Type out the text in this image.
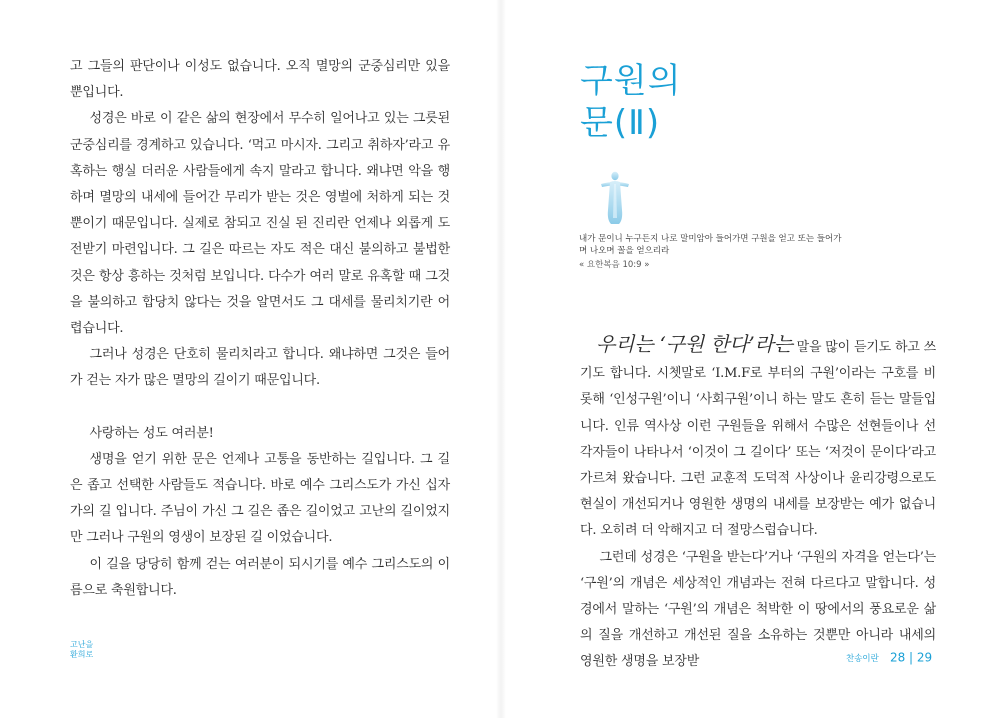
고 그들의 판단이나 이성도 없습니다. 오직 멸망의 군중심리만 있을 뿐입니다.

성경은 바로 이 같은 삶의 현장에서 무수히 일어나고 있는 그릇된 군중심리를 경계하고 있습니다. ‘먹고 마시자. 그리고 취하자’라고 유혹하는 행실 더러운 사람들에게 속지 말라고 합니다. 왜냐면 악을 행하며 멸망의 내세에 들어간 무리가 받는 것은 영벌에 처하게 되는 것뿐이기 때문입니다. 실제로 참되고 진실 된 진리란 언제나 외롭게 도전받기 마련입니다. 그 길은 따르는 자도 적은 대신 불의하고 불법한 것은 항상 흥하는 것처럼 보입니다. 다수가 여러 말로 유혹할 때 그것을 불의하고 합당치 않다는 것을 알면서도 그 대세를 물리치기란 어렵습니다.

그러나 성경은 단호히 물리치라고 합니다. 왜냐하면 그것은 들어가 걷는 자가 많은 멸망의 길이기 때문입니다.

사랑하는 성도 여러분!

생명을 얻기 위한 문은 언제나 고통을 동반하는 길입니다. 그 길은 좁고 선택한 사람들도 적습니다. 바로 예수 그리스도가 가신 십자가의 길 입니다. 주님이 가신 그 길은 좁은 길이었고 고난의 길이었지만 그러나 구원의 영생이 보장된 길 이었습니다.

이 길을 당당히 함께 걷는 여러분이 되시기를 예수 그리스도의 이름으로 축원합니다.

고난을
환희로
구원의
문(Ⅱ)
내가 문이니 누구든지 나로 말미암아 들어가면 구원을 얻고 또는 들어가며 나오며 꼴을 얻으리라
« 요한복음 10:9 »

우리는 ‘구원 한다’라는 말을 많이 듣기도 하고 쓰기도 합니다. 시쳇말로 ‘I.M.F로 부터의 구원’이라는 구호를 비롯해 ‘인성구원’이니 ‘사회구원’이니 하는 말도 흔히 듣는 말들입니다. 인류 역사상 이런 구원들을 위해서 수많은 선현들이나 선각자들이 나타나서 ‘이것이 그 길이다’ 또는 ‘저것이 문이다’라고 가르쳐 왔습니다. 그런 교훈적 도덕적 사상이나 윤리강령으로도 현실이 개선되거나 영원한 생명의 내세를 보장받는 예가 없습니다. 오히려 더 악해지고 더 절망스럽습니다.

그런데 성경은 ‘구원을 받는다’거나 ‘구원의 자격을 얻는다’는 ‘구원’의 개념은 세상적인 개념과는 전혀 다르다고 말합니다. 성경에서 말하는 ‘구원’의 개념은 척박한 이 땅에서의 풍요로운 삶의 질을 개선하고 개선된 질을 소유하는 것뿐만 아니라 내세의 영원한 생명을 보장받	찬송이란 28 | 29
